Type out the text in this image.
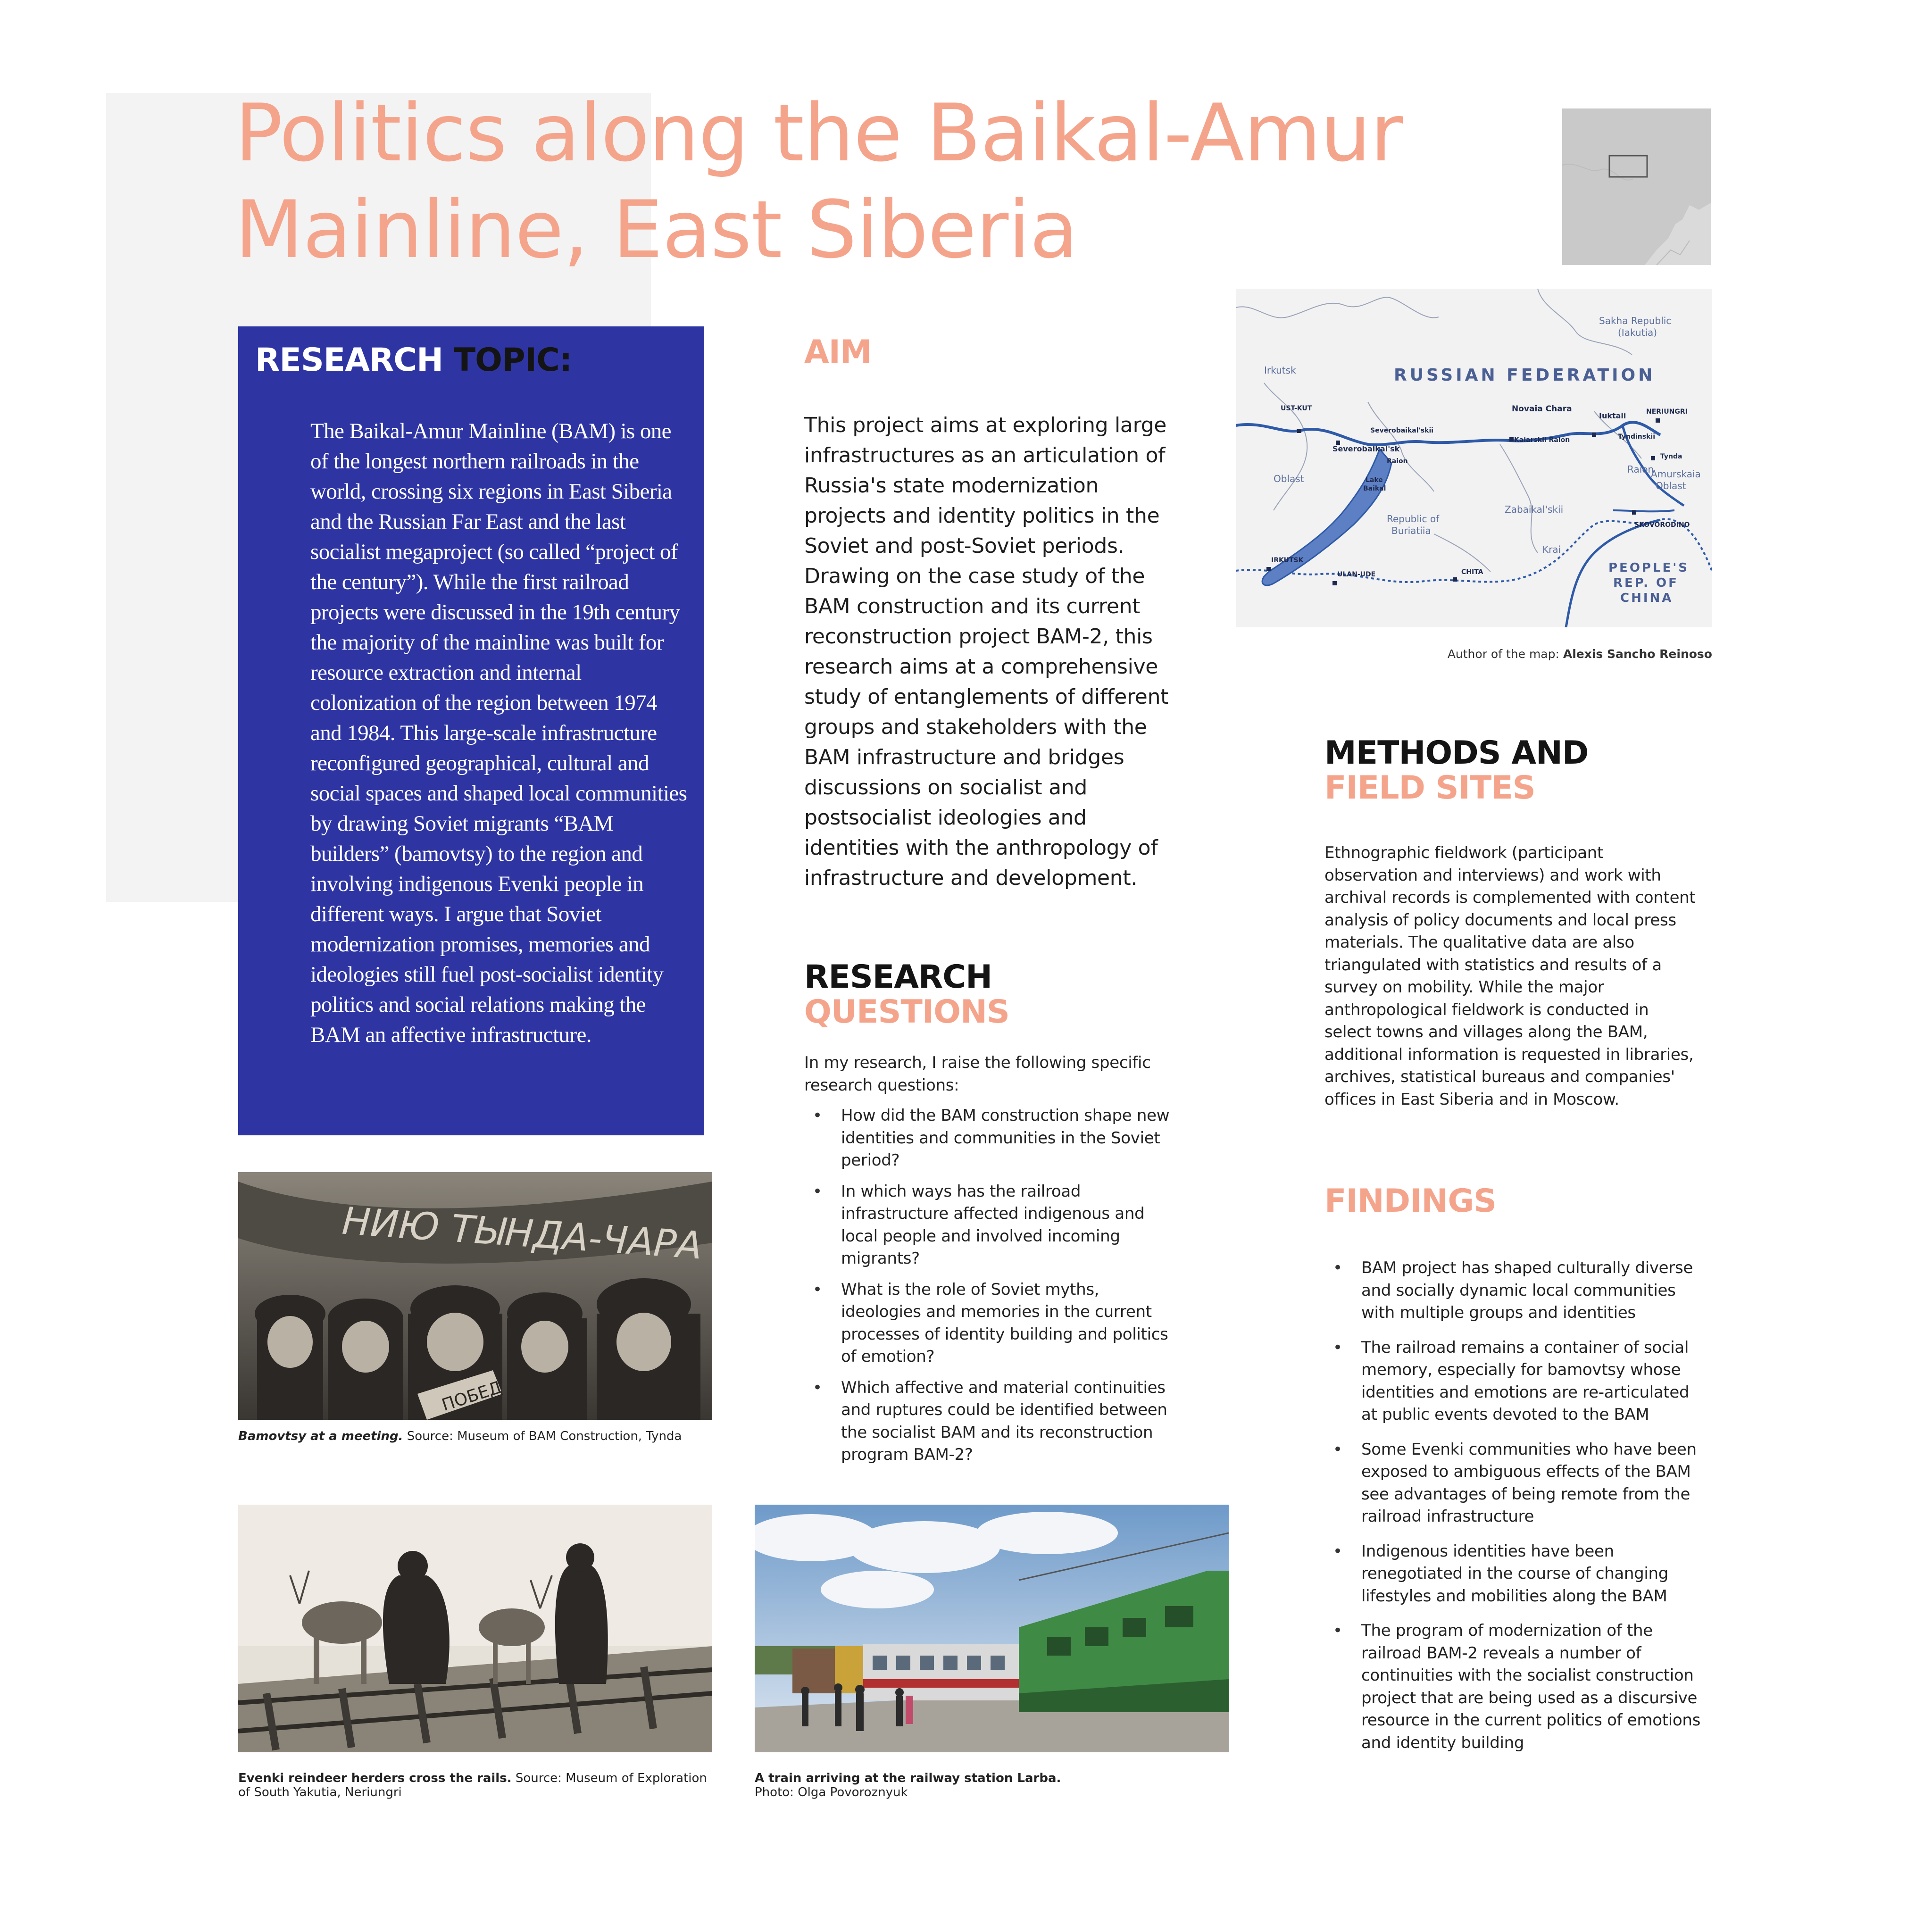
Politics along the Baikal-Amur Mainline, East Siberia
RESEARCH TOPIC:

The Baikal-Amur Mainline (BAM) is one of the longest northern railroads in the world, crossing six regions in East Siberia and the Russian Far East and the last socialist megaproject (so called “project of the century”). While the first railroad projects were discussed in the 19th century the majority of the mainline was built for resource extraction and internal colonization of the region between 1974 and 1984. This large-scale infrastructure reconfigured geographical, cultural and social spaces and shaped local communities by drawing Soviet migrants “BAM builders” (bamovtsy) to the region and involving indigenous Evenki people in different ways. I argue that Soviet modernization promises, memories and ideologies still fuel post-socialist identity politics and social relations making the BAM an affective infrastructure.

AIM

This project aims at exploring large infrastructures as an articulation of Russia's state modernization projects and identity politics in the Soviet and post-Soviet periods. Drawing on the case study of the BAM construction and its current reconstruction project BAM-2, this research aims at a comprehensive study of entanglements of different groups and stakeholders with the BAM infrastructure and bridges discussions on socialist and postsocialist ideologies and identities with the anthropology of infrastructure and development.

RESEARCH
QUESTIONS

In my research, I raise the following specific research questions:

• How did the BAM construction shape new identities and communities in the Soviet period?
• In which ways has the railroad infrastructure affected indigenous and local people and involved incoming migrants?
• What is the role of Soviet myths, ideologies and memories in the current processes of identity building and politics of emotion?
• Which affective and material continuities and ruptures could be identified between the socialist BAM and its reconstruction program BAM-2?
Sakha Republic
(Iakutia)
Irkutsk
Oblast
Republic of
Buriatiia
Zabaikal'skii
Krai
Amurskaia
Oblast
Raion
RUSSIAN FEDERATION
UST-KUT
Severobaikal'skii
Severobaikal'sk
Raion
Novaia Chara
Kalarskii Raion
Iuktali	NERIUNGRI
Tyndinskii
Tynda
Lake
Baikal
SKOVORODINO
IRKUTSK
ULAN-UDE	CHITA	PEOPLE'S
REP. OF
CHINA
Author of the map: Alexis Sancho Reinoso
METHODS AND
FIELD SITES

Ethnographic fieldwork (participant observation and interviews) and work with archival records is complemented with content analysis of policy documents and local press materials. The qualitative data are also triangulated with statistics and results of a survey on mobility. While the major anthropological fieldwork is conducted in select towns and villages along the BAM, additional information is requested in libraries, archives, statistical bureaus and companies' offices in East Siberia and in Moscow.

FINDINGS
• BAM project has shaped culturally diverse and socially dynamic local communities with multiple groups and identities
• The railroad remains a container of social memory, especially for bamovtsy whose identities and emotions are re-articulated at public events devoted to the BAM
• Some Evenki communities who have been exposed to ambiguous effects of the BAM see advantages of being remote from the railroad infrastructure
• Indigenous identities have been renegotiated in the course of changing lifestyles and mobilities along the BAM
• The program of modernization of the railroad BAM-2 reveals a number of continuities with the socialist construction project that are being used as a discursive resource in the current politics of emotions and identity building
НИЮ ТЫНДА-ЧАРА
ПОБЕД
Bamovtsy at a meeting. Source: Museum of BAM Construction, Tynda
Evenki reindeer herders cross the rails. Source: Museum of Exploration of South Yakutia, Neriungri
A train arriving at the railway station Larba.
Photo: Olga Povoroznyuk
